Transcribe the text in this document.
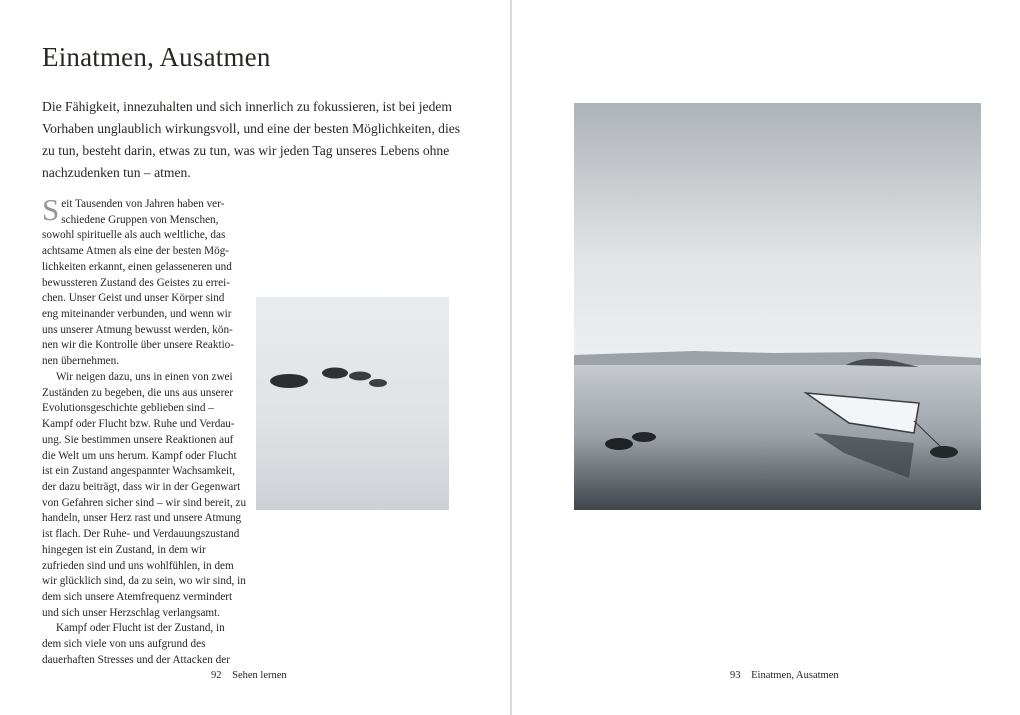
Einatmen, Ausatmen
Die Fähigkeit, innezuhalten und sich innerlich zu fokussieren, ist bei jedem
Vorhaben unglaublich wirkungsvoll, und eine der besten Möglichkeiten, dies
zu tun, besteht darin, etwas zu tun, was wir jeden Tag unseres Lebens ohne
nachzudenken tun – atmen.
S eit Tausenden von Jahren haben ver-
schiedene Gruppen von Menschen,
sowohl spirituelle als auch weltliche, das
achtsame Atmen als eine der besten Mög-
lichkeiten erkannt, einen gelasseneren und
bewussteren Zustand des Geistes zu errei-
chen. Unser Geist und unser Körper sind
eng miteinander verbunden, und wenn wir
uns unserer Atmung bewusst werden, kön-
nen wir die Kontrolle über unsere Reaktio-
nen übernehmen.
Wir neigen dazu, uns in einen von zwei
Zuständen zu begeben, die uns aus unserer
Evolutionsgeschichte geblieben sind –
Kampf oder Flucht bzw. Ruhe und Verdau-
ung. Sie bestimmen unsere Reaktionen auf
die Welt um uns herum. Kampf oder Flucht
ist ein Zustand angespannter Wachsamkeit,
der dazu beiträgt, dass wir in der Gegenwart
von Gefahren sicher sind – wir sind bereit, zu
handeln, unser Herz rast und unsere Atmung
ist flach. Der Ruhe- und Verdauungszustand
hingegen ist ein Zustand, in dem wir
zufrieden sind und uns wohlfühlen, in dem
wir glücklich sind, da zu sein, wo wir sind, in
dem sich unsere Atemfrequenz vermindert
und sich unser Herzschlag verlangsamt.
Kampf oder Flucht ist der Zustand, in
dem sich viele von uns aufgrund des
dauerhaften Stresses und der Attacken der
92 Sehen lernen	93 Einatmen, Ausatmen
